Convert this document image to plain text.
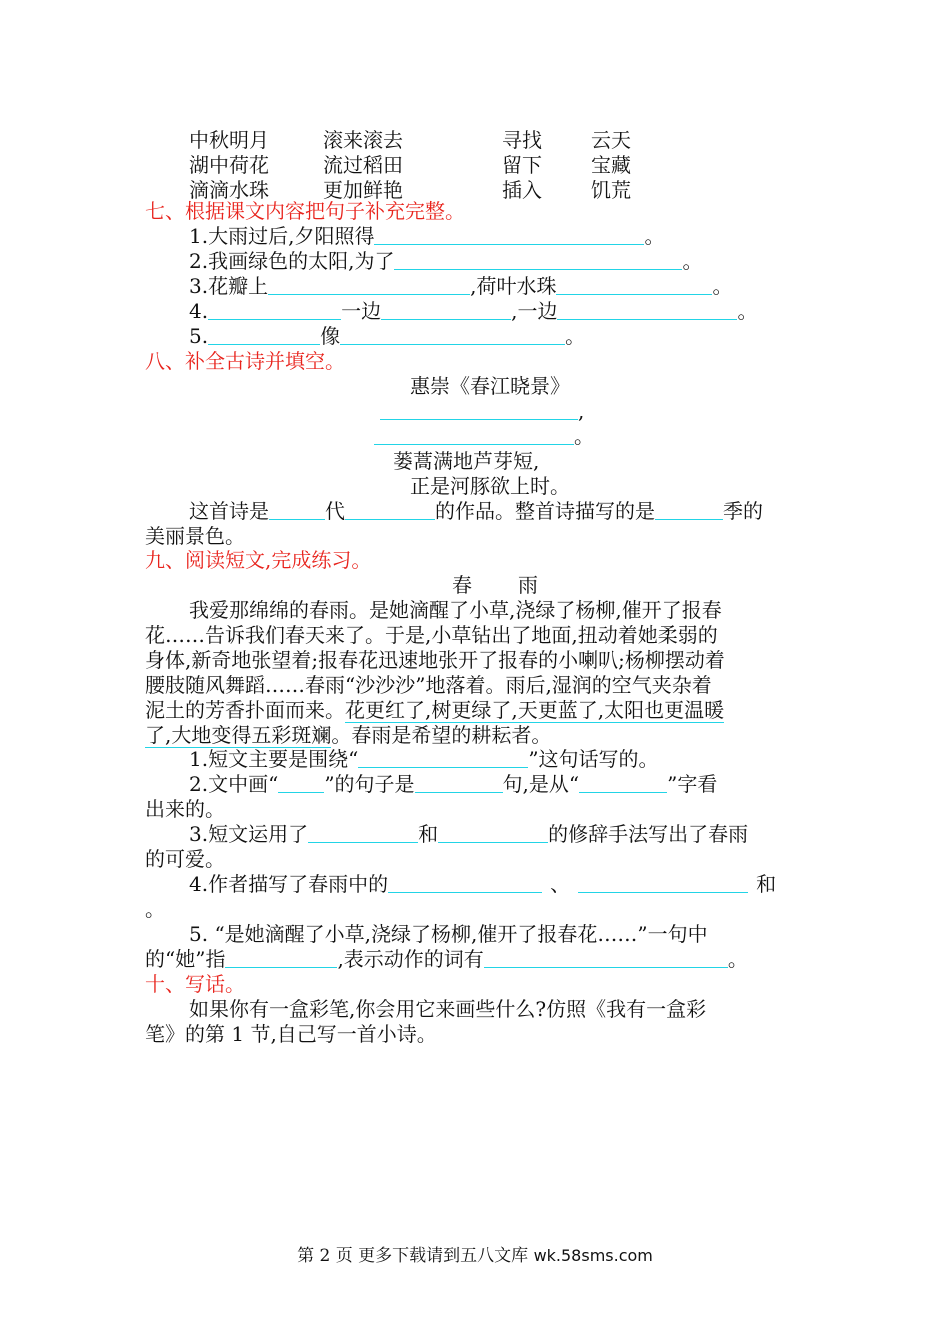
中秋明月	滚来滚去	寻找 云天
湖中荷花	流过稻田	留下 宝藏
滴滴水珠	更加鲜艳	插入 饥荒
七、根据课文内容把句子补充完整。
1.大雨过后,夕阳照得	。
2.我画绿色的太阳,为了	。
3.花瓣上	,荷叶水珠	。
4.	一边	,一边	。
5.	像	。
八、补全古诗并填空。
惠崇《春江晓景》
,
。
蒌蒿满地芦芽短,
正是河豚欲上时。
这首诗是	代	的作品。整首诗描写的是	季的
美丽景色。
九、阅读短文,完成练习。
春 雨
我爱那绵绵的春雨。是她滴醒了小草,浇绿了杨柳,催开了报春
花……告诉我们春天来了。于是,小草钻出了地面,扭动着她柔弱的
身体,新奇地张望着;报春花迅速地张开了报春的小喇叭;杨柳摆动着
腰肢随风舞蹈……春雨“沙沙沙”地落着。雨后,湿润的空气夹杂着
泥土的芳香扑面而来。花更红了,树更绿了,天更蓝了,太阳也更温暖
了,大地变得五彩斑斓。春雨是希望的耕耘者。
1.短文主要是围绕“	”这句话写的。
2.文中画“ ”的句子是	句,是从“	”字看
出来的。
3.短文运用了	和	的修辞手法写出了春雨
的可爱。
4.作者描写了春雨中的	、	和
。
5. “是她滴醒了小草,浇绿了杨柳,催开了报春花……”一句中
的“她”指	,表示动作的词有	。
十、写话。
如果你有一盒彩笔,你会用它来画些什么?仿照《我有一盒彩
笔》的第 1 节,自己写一首小诗。
第 2 页 更多下载请到五八文库 wk.58sms.com
